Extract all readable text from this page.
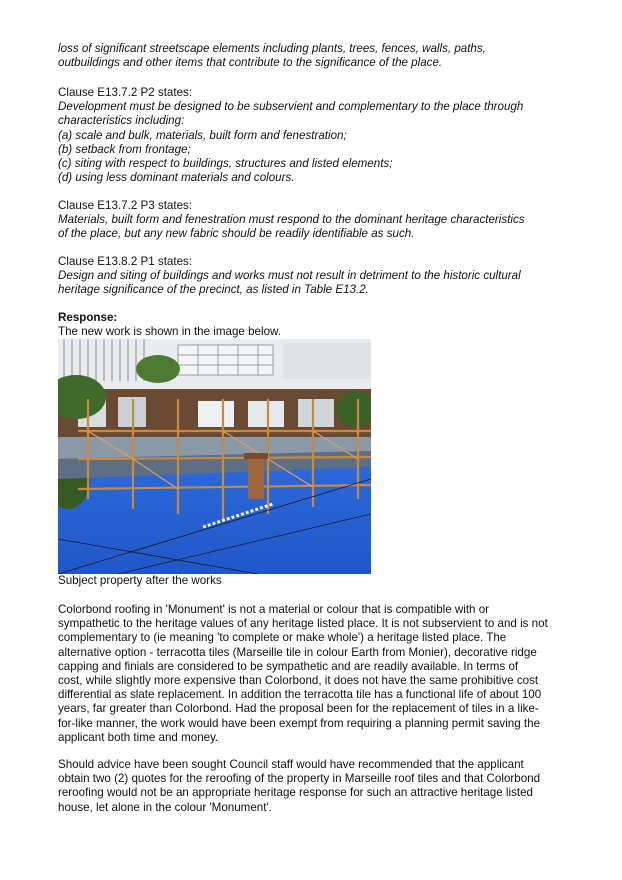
loss of significant streetscape elements including plants, trees, fences, walls, paths,

outbuildings and other items that contribute to the significance of the place.

Clause E13.7.2 P2 states:

Development must be designed to be subservient and complementary to the place through

characteristics including:

(a) scale and bulk, materials, built form and fenestration;

(b) setback from frontage;

(c) siting with respect to buildings, structures and listed elements;

(d) using less dominant materials and colours.

Clause E13.7.2 P3 states:

Materials, built form and fenestration must respond to the dominant heritage characteristics

of the place, but any new fabric should be readily identifiable as such.

Clause E13.8.2 P1 states:

Design and siting of buildings and works must not result in detriment to the historic cultural

heritage significance of the precinct, as listed in Table E13.2.

Response:

The new work is shown in the image below.

Subject property after the works

Colorbond roofing in 'Monument' is not a material or colour that is compatible with or

sympathetic to the heritage values of any heritage listed place. It is not subservient to and is not

complementary to (ie meaning 'to complete or make whole') a heritage listed place. The

alternative option - terracotta tiles (Marseille tile in colour Earth from Monier), decorative ridge

capping and finials are considered to be sympathetic and are readily available. In terms of

cost, while slightly more expensive than Colorbond, it does not have the same prohibitive cost

differential as slate replacement. In addition the terracotta tile has a functional life of about 100

years, far greater than Colorbond. Had the proposal been for the replacement of tiles in a like-

for-like manner, the work would have been exempt from requiring a planning permit saving the

applicant both time and money.

Should advice have been sought Council staff would have recommended that the applicant

obtain two (2) quotes for the reroofing of the property in Marseille roof tiles and that Colorbond

reroofing would not be an appropriate heritage response for such an attractive heritage listed

house, let alone in the colour 'Monument'.
